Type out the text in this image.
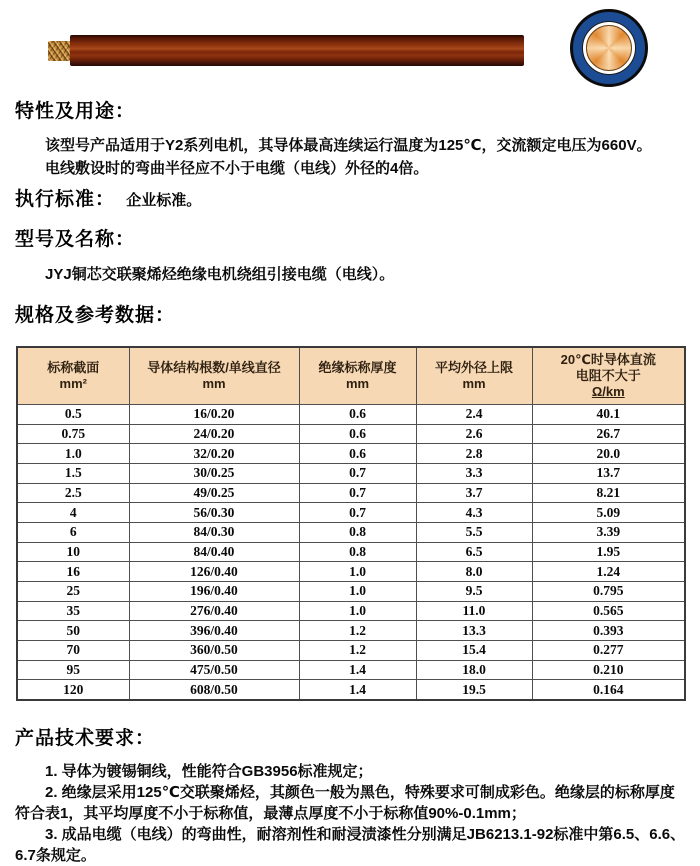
特性及用途：
该型号产品适用于Y2系列电机，其导体最高连续运行温度为125℃，交流额定电压为660V。
电线敷设时的弯曲半径应不小于电缆（电线）外径的4倍。
执行标准： 企业标准。
型号及名称：
JYJ铜芯交联聚烯烃绝缘电机绕组引接电缆（电线）。
规格及参考数据：
标称截面
mm²

导体结构根数/单线直径
mm

绝缘标称厚度
mm

平均外径上限
mm

20℃时导体直流
电阻不大于
Ω/km

0.5	16/0.20	0.6	2.4	40.1
0.75	24/0.20	0.6	2.6	26.7
1.0	32/0.20	0.6	2.8	20.0
1.5	30/0.25	0.7	3.3	13.7
2.5	49/0.25	0.7	3.7	8.21
4	56/0.30	0.7	4.3	5.09
6	84/0.30	0.8	5.5	3.39
10	84/0.40	0.8	6.5	1.95
16	126/0.40	1.0	8.0	1.24
25	196/0.40	1.0	9.5	0.795
35	276/0.40	1.0	11.0	0.565
50	396/0.40	1.2	13.3	0.393
70	360/0.50	1.2	15.4	0.277
95	475/0.50	1.4	18.0	0.210
120	608/0.50	1.4	19.5	0.164
产品技术要求：

1. 导体为镀锡铜线，性能符合GB3956标准规定；

2. 绝缘层采用125℃交联聚烯烃，其颜色一般为黑色，特殊要求可制成彩色。绝缘层的标称厚度符合表1，其平均厚度不小于标称值，最薄点厚度不小于标称值90%-0.1mm；

3. 成品电缆（电线）的弯曲性，耐溶剂性和耐浸渍漆性分别满足JB6213.1-92标准中第6.5、6.6、6.7条规定。
